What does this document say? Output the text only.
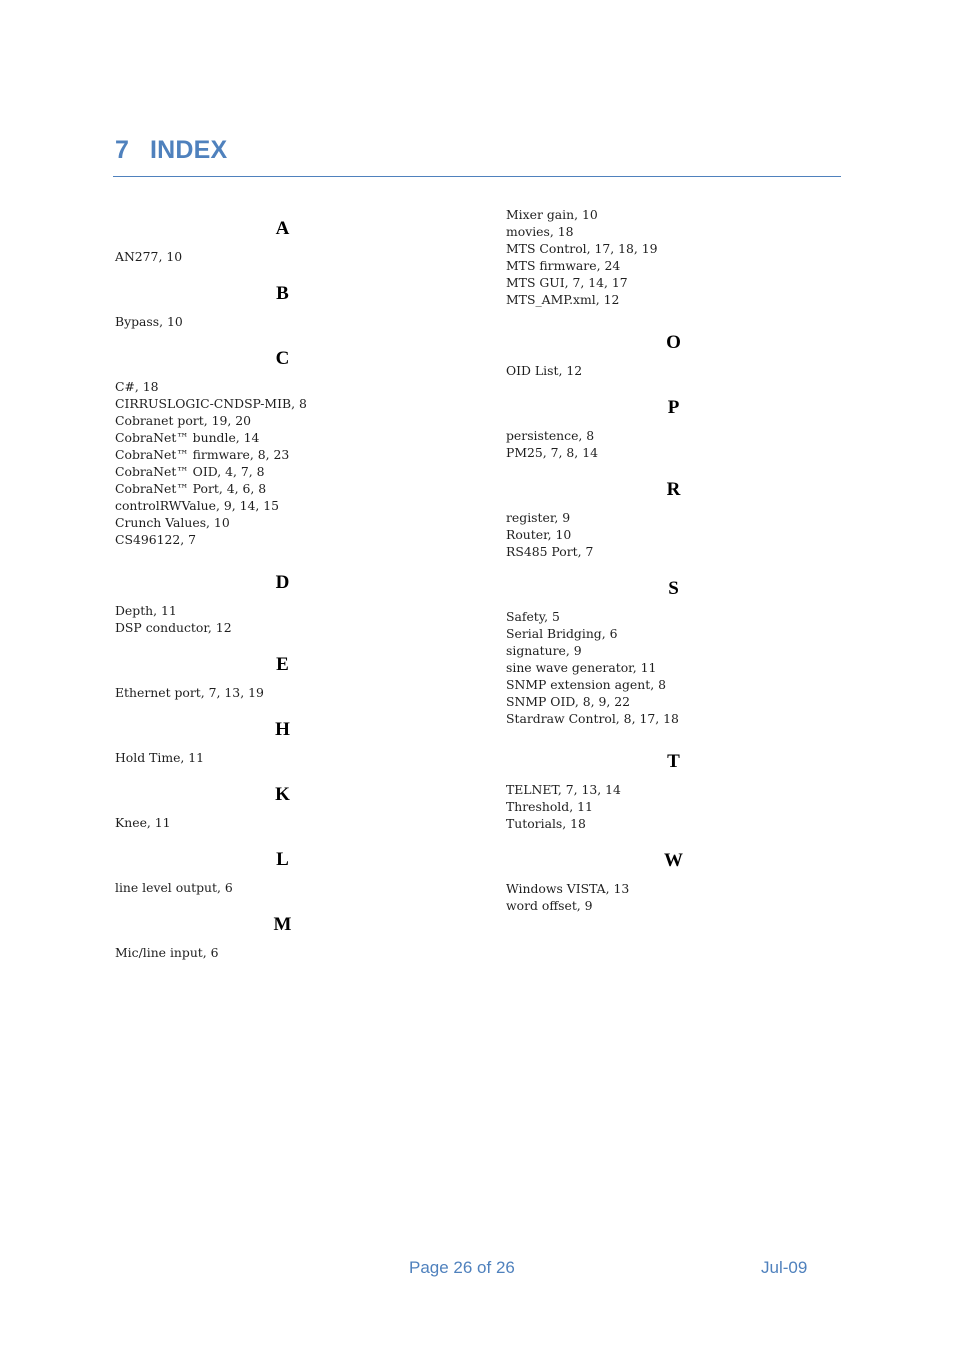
7 INDEX
A
AN277, 10
B
Bypass, 10
C
C#, 18
CIRRUSLOGIC-CNDSP-MIB, 8
Cobranet port, 19, 20
CobraNet™ bundle, 14
CobraNet™ firmware, 8, 23
CobraNet™ OID, 4, 7, 8
CobraNet™ Port, 4, 6, 8
controlRWValue, 9, 14, 15
Crunch Values, 10
CS496122, 7
D
Depth, 11
DSP conductor, 12
E
Ethernet port, 7, 13, 19
H
Hold Time, 11
K
Knee, 11
L
line level output, 6
M
Mic/line input, 6
Mixer gain, 10
movies, 18
MTS Control, 17, 18, 19
MTS firmware, 24
MTS GUI, 7, 14, 17
MTS_AMP.xml, 12
O
OID List, 12
P
persistence, 8
PM25, 7, 8, 14
R
register, 9
Router, 10
RS485 Port, 7
S
Safety, 5
Serial Bridging, 6
signature, 9
sine wave generator, 11
SNMP extension agent, 8
SNMP OID, 8, 9, 22
Stardraw Control, 8, 17, 18
T
TELNET, 7, 13, 14
Threshold, 11
Tutorials, 18
W
Windows VISTA, 13
word offset, 9
Page 26 of 26	Jul-09
